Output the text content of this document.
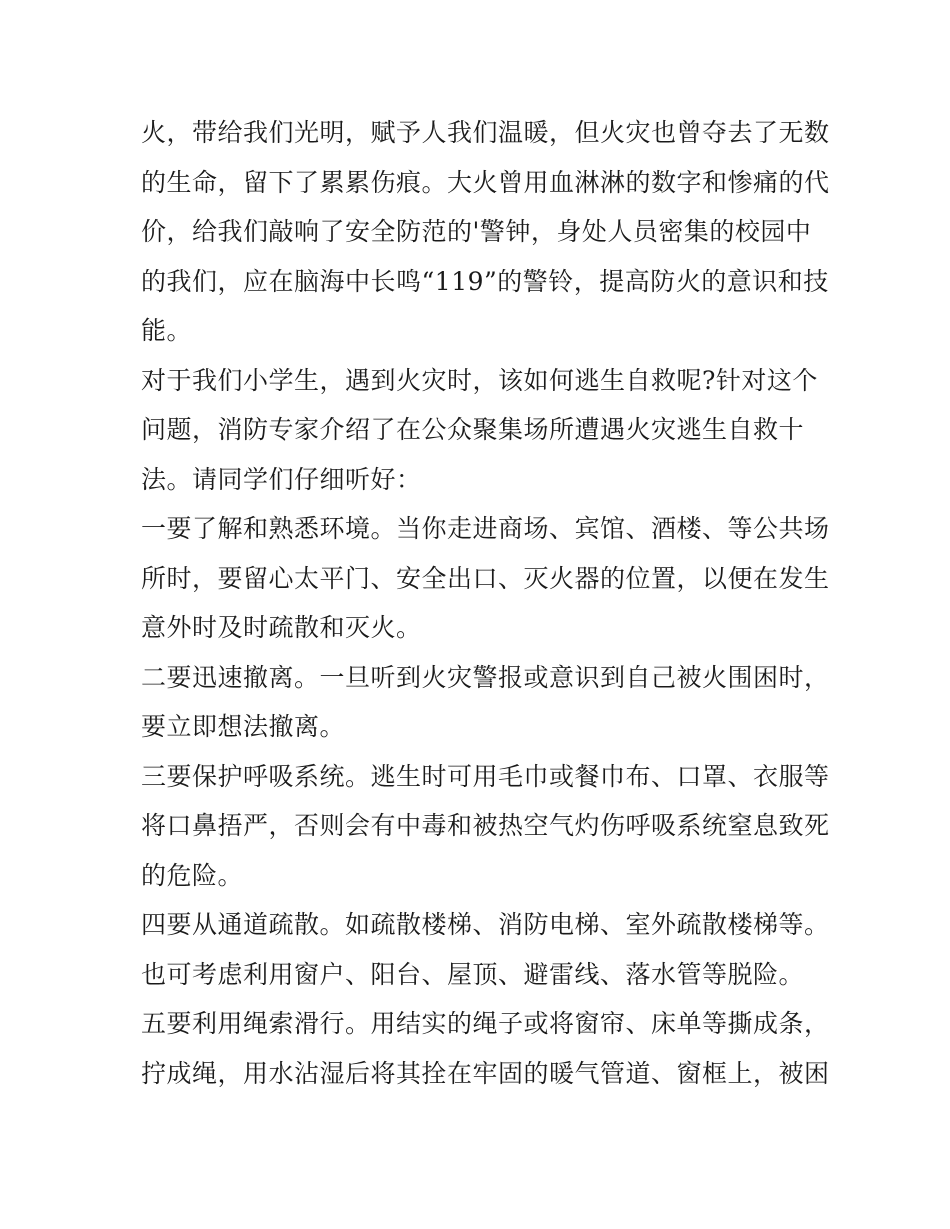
火，带给我们光明，赋予人我们温暖，但火灾也曾夺去了无数
的生命，留下了累累伤痕。大火曾用血淋淋的数字和惨痛的代
价，给我们敲响了安全防范的'警钟，身处人员密集的校园中
的我们，应在脑海中长鸣“119”的警铃，提高防火的意识和技
能。

对于我们小学生，遇到火灾时，该如何逃生自救呢?针对这个
问题，消防专家介绍了在公众聚集场所遭遇火灾逃生自救十
法。请同学们仔细听好：

一要了解和熟悉环境。当你走进商场、宾馆、酒楼、等公共场
所时，要留心太平门、安全出口、灭火器的位置，以便在发生
意外时及时疏散和灭火。

二要迅速撤离。一旦听到火灾警报或意识到自己被火围困时，
要立即想法撤离。

三要保护呼吸系统。逃生时可用毛巾或餐巾布、口罩、衣服等
将口鼻捂严，否则会有中毒和被热空气灼伤呼吸系统窒息致死
的危险。

四要从通道疏散。如疏散楼梯、消防电梯、室外疏散楼梯等。
也可考虑利用窗户、阳台、屋顶、避雷线、落水管等脱险。

五要利用绳索滑行。用结实的绳子或将窗帘、床单等撕成条，
拧成绳，用水沾湿后将其拴在牢固的暖气管道、窗框上，被困
